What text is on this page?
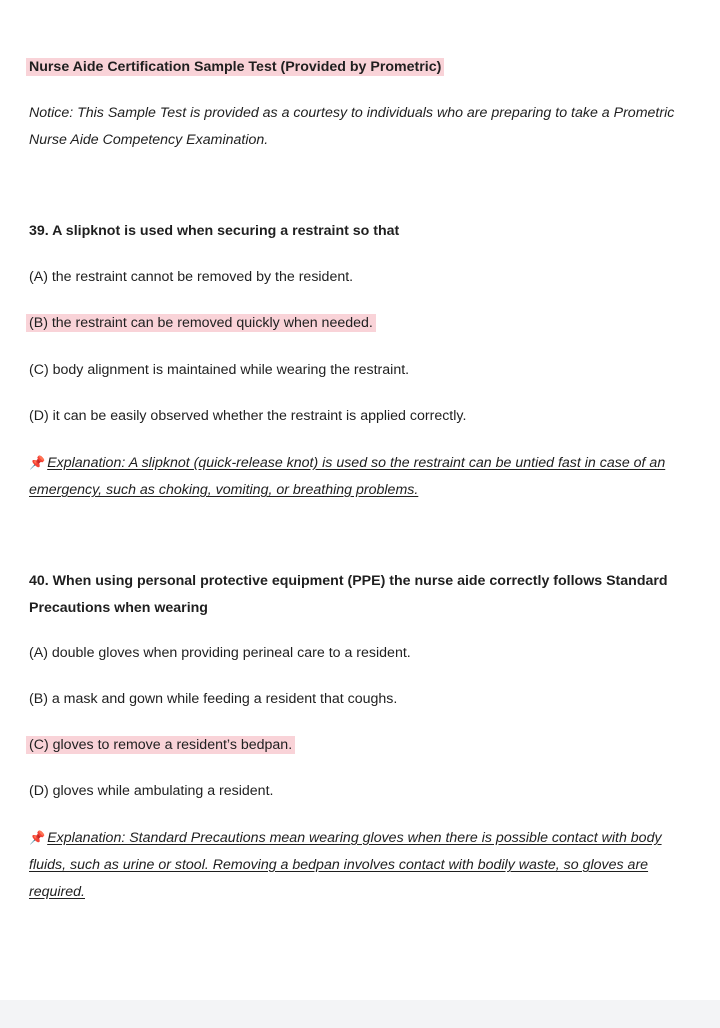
Nurse Aide Certification Sample Test (Provided by Prometric)

Notice: This Sample Test is provided as a courtesy to individuals who are preparing to take a Prometric Nurse Aide Competency Examination.

39. A slipknot is used when securing a restraint so that

(A) the restraint cannot be removed by the resident.

(B) the restraint can be removed quickly when needed.

(C) body alignment is maintained while wearing the restraint.

(D) it can be easily observed whether the restraint is applied correctly.

📌 Explanation: A slipknot (quick-release knot) is used so the restraint can be untied fast in case of an emergency, such as choking, vomiting, or breathing problems.

40. When using personal protective equipment (PPE) the nurse aide correctly follows Standard Precautions when wearing

(A) double gloves when providing perineal care to a resident.

(B) a mask and gown while feeding a resident that coughs.

(C) gloves to remove a resident’s bedpan.

(D) gloves while ambulating a resident.

📌 Explanation: Standard Precautions mean wearing gloves when there is possible contact with body fluids, such as urine or stool. Removing a bedpan involves contact with bodily waste, so gloves are required.
